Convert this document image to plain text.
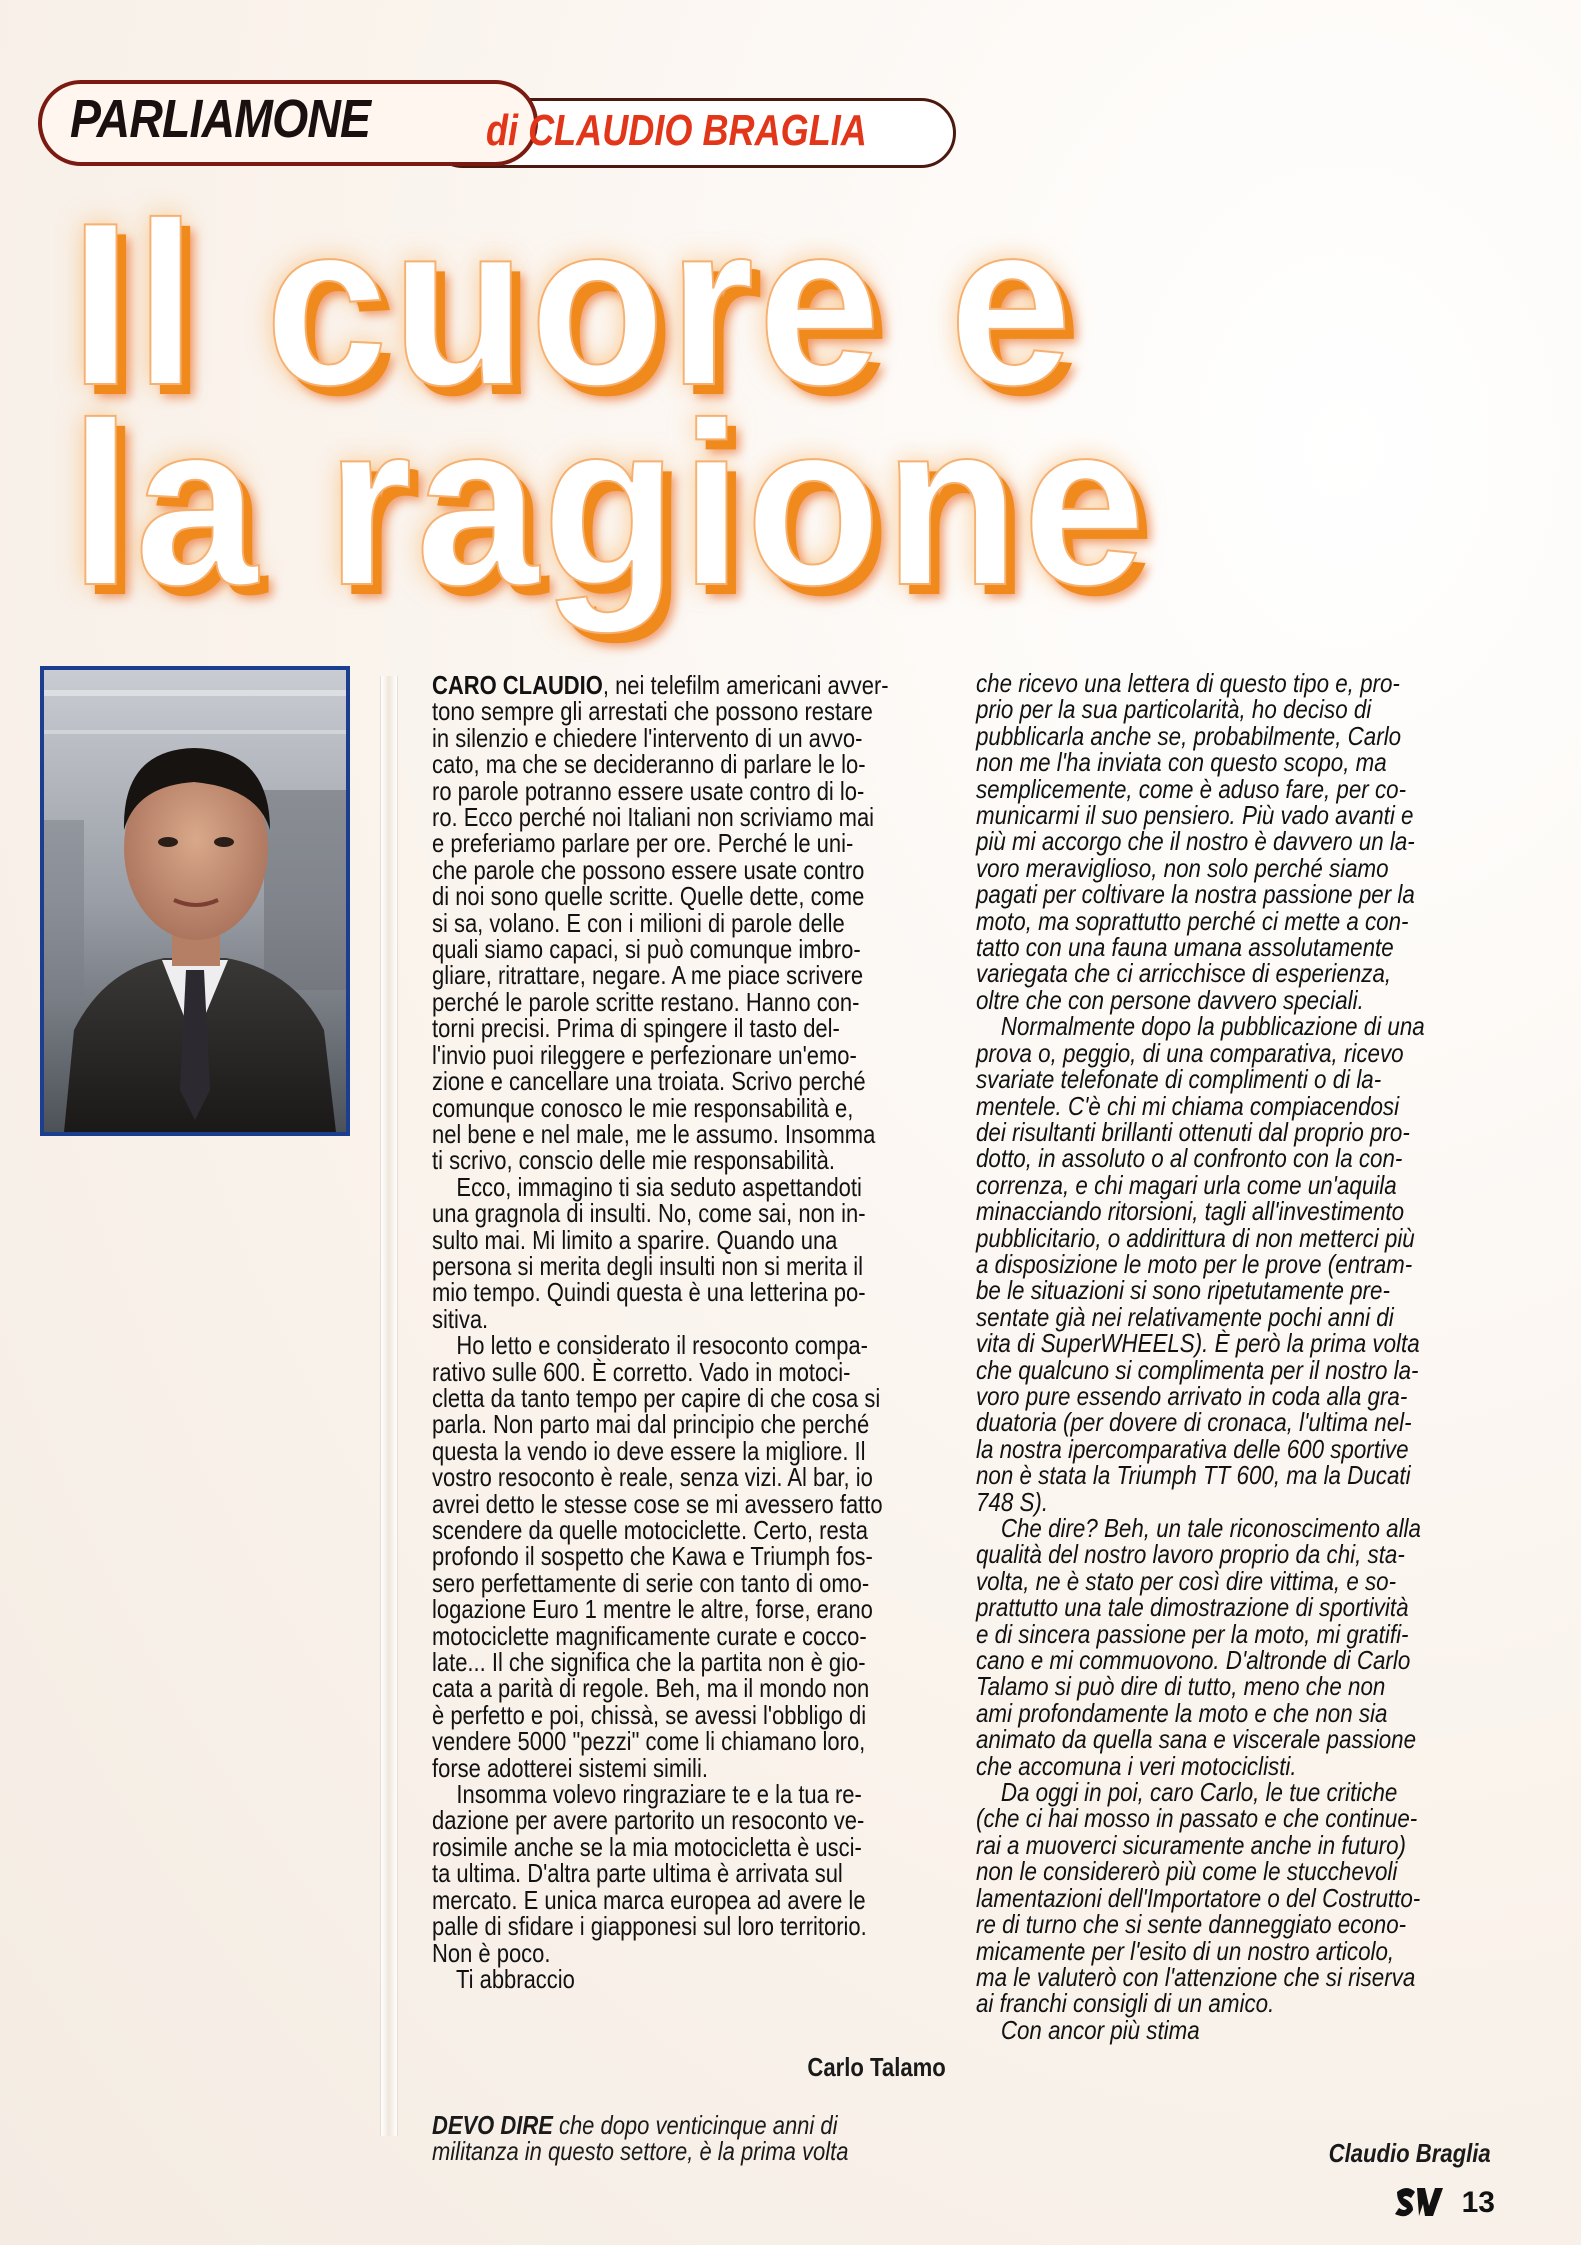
PARLIAMONE	di CLAUDIO BRAGLIA
Il cuore e
la ragione
CARO CLAUDIO, nei telefilm americani avver-
tono sempre gli arrestati che possono restare
in silenzio e chiedere l'intervento di un avvo-
cato, ma che se decideranno di parlare le lo-
ro parole potranno essere usate contro di lo-
ro. Ecco perché noi Italiani non scriviamo mai
e preferiamo parlare per ore. Perché le uni-
che parole che possono essere usate contro
di noi sono quelle scritte. Quelle dette, come
si sa, volano. E con i milioni di parole delle
quali siamo capaci, si può comunque imbro-
gliare, ritrattare, negare. A me piace scrivere
perché le parole scritte restano. Hanno con-
torni precisi. Prima di spingere il tasto del-
l'invio puoi rileggere e perfezionare un'emo-
zione e cancellare una troiata. Scrivo perché
comunque conosco le mie responsabilità e,
nel bene e nel male, me le assumo. Insomma
ti scrivo, conscio delle mie responsabilità.
Ecco, immagino ti sia seduto aspettandoti
una gragnola di insulti. No, come sai, non in-
sulto mai. Mi limito a sparire. Quando una
persona si merita degli insulti non si merita il
mio tempo. Quindi questa è una letterina po-
sitiva.
Ho letto e considerato il resoconto compa-
rativo sulle 600. È corretto. Vado in motoci-
cletta da tanto tempo per capire di che cosa si
parla. Non parto mai dal principio che perché
questa la vendo io deve essere la migliore. Il
vostro resoconto è reale, senza vizi. Al bar, io
avrei detto le stesse cose se mi avessero fatto
scendere da quelle motociclette. Certo, resta
profondo il sospetto che Kawa e Triumph fos-
sero perfettamente di serie con tanto di omo-
logazione Euro 1 mentre le altre, forse, erano
motociclette magnificamente curate e cocco-
late... Il che significa che la partita non è gio-
cata a parità di regole. Beh, ma il mondo non
è perfetto e poi, chissà, se avessi l'obbligo di
vendere 5000 "pezzi" come li chiamano loro,
forse adotterei sistemi simili.
Insomma volevo ringraziare te e la tua re-
dazione per avere partorito un resoconto ve-
rosimile anche se la mia motocicletta è usci-
ta ultima. D'altra parte ultima è arrivata sul
mercato. E unica marca europea ad avere le
palle di sfidare i giapponesi sul loro territorio.
Non è poco.
Ti abbraccio
Carlo Talamo
DEVO DIRE che dopo venticinque anni di
militanza in questo settore, è la prima volta
che ricevo una lettera di questo tipo e, pro-
prio per la sua particolarità, ho deciso di
pubblicarla anche se, probabilmente, Carlo
non me l'ha inviata con questo scopo, ma
semplicemente, come è aduso fare, per co-
municarmi il suo pensiero. Più vado avanti e
più mi accorgo che il nostro è davvero un la-
voro meraviglioso, non solo perché siamo
pagati per coltivare la nostra passione per la
moto, ma soprattutto perché ci mette a con-
tatto con una fauna umana assolutamente
variegata che ci arricchisce di esperienza,
oltre che con persone davvero speciali.
Normalmente dopo la pubblicazione di una
prova o, peggio, di una comparativa, ricevo
svariate telefonate di complimenti o di la-
mentele. C'è chi mi chiama compiacendosi
dei risultanti brillanti ottenuti dal proprio pro-
dotto, in assoluto o al confronto con la con-
correnza, e chi magari urla come un'aquila
minacciando ritorsioni, tagli all'investimento
pubblicitario, o addirittura di non metterci più
a disposizione le moto per le prove (entram-
be le situazioni si sono ripetutamente pre-
sentate già nei relativamente pochi anni di
vita di SuperWHEELS). È però la prima volta
che qualcuno si complimenta per il nostro la-
voro pure essendo arrivato in coda alla gra-
duatoria (per dovere di cronaca, l'ultima nel-
la nostra ipercomparativa delle 600 sportive
non è stata la Triumph TT 600, ma la Ducati
748 S).
Che dire? Beh, un tale riconoscimento alla
qualità del nostro lavoro proprio da chi, sta-
volta, ne è stato per così dire vittima, e so-
prattutto una tale dimostrazione di sportività
e di sincera passione per la moto, mi gratifi-
cano e mi commuovono. D'altronde di Carlo
Talamo si può dire di tutto, meno che non
ami profondamente la moto e che non sia
animato da quella sana e viscerale passione
che accomuna i veri motociclisti.
Da oggi in poi, caro Carlo, le tue critiche
(che ci hai mosso in passato e che continue-
rai a muoverci sicuramente anche in futuro)
non le considererò più come le stucchevoli
lamentazioni dell'Importatore o del Costrutto-
re di turno che si sente danneggiato econo-
micamente per l'esito di un nostro articolo,
ma le valuterò con l'attenzione che si riserva
ai franchi consigli di un amico.
Con ancor più stima
Claudio Braglia
13
